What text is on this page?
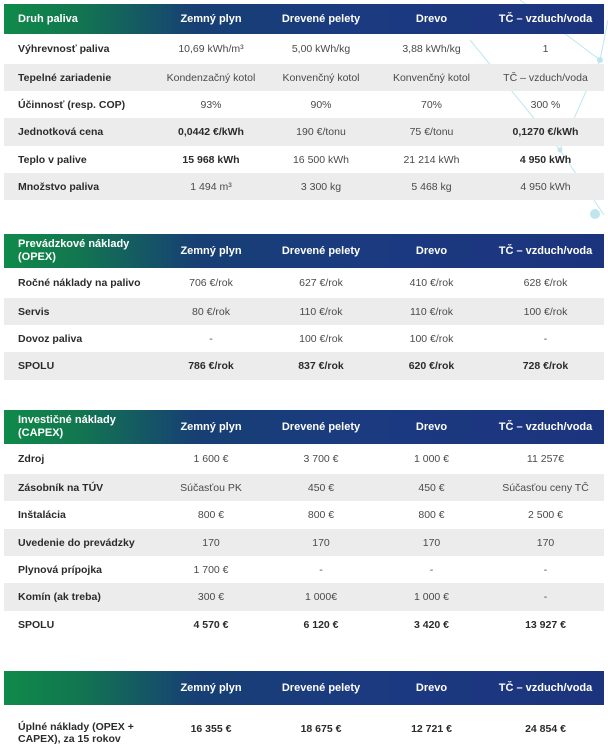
Druh paliva	Zemný plyn	Drevené pelety	Drevo	TČ – vzduch/voda
Výhrevnosť paliva	10,69 kWh/m³	5,00 kWh/kg	3,88 kWh/kg	1
Tepelné zariadenie	Kondenzačný kotol	Konvenčný kotol	Konvenčný kotol	TČ – vzduch/voda
Účinnosť (resp. COP)	93%	90%	70%	300 %
Jednotková cena	0,0442 €/kWh	190 €/tonu	75 €/tonu	0,1270 €/kWh
Teplo v palive	15 968 kWh	16 500 kWh	21 214 kWh	4 950 kWh
Množstvo paliva	1 494 m³	3 300 kg	5 468 kg	4 950 kWh
Prevádzkové náklady (OPEX)	Zemný plyn	Drevené pelety	Drevo	TČ – vzduch/voda
Ročné náklady na palivo	706 €/rok	627 €/rok	410 €/rok	628 €/rok
Servis	80 €/rok	110 €/rok	110 €/rok	100 €/rok
Dovoz paliva	-	100 €/rok	100 €/rok	-
SPOLU	786 €/rok	837 €/rok	620 €/rok	728 €/rok
Investičné náklady (CAPEX)	Zemný plyn	Drevené pelety	Drevo	TČ – vzduch/voda
Zdroj	1 600 €	3 700 €	1 000 €	11 257€
Zásobník na TÚV	Súčasťou PK	450 €	450 €	Súčasťou ceny TČ
Inštalácia	800 €	800 €	800 €	2 500 €
Uvedenie do prevádzky	170	170	170	170
Plynová prípojka	1 700 €	-	-	-
Komín (ak treba)	300 €	1 000€	1 000 €	-
SPOLU	4 570 €	6 120 €	3 420 €	13 927 €
	Zemný plyn	Drevené pelety	Drevo	TČ – vzduch/voda
Úplné náklady (OPEX + CAPEX), za 15 rokov	16 355 €	18 675 €	12 721 €	24 854 €
